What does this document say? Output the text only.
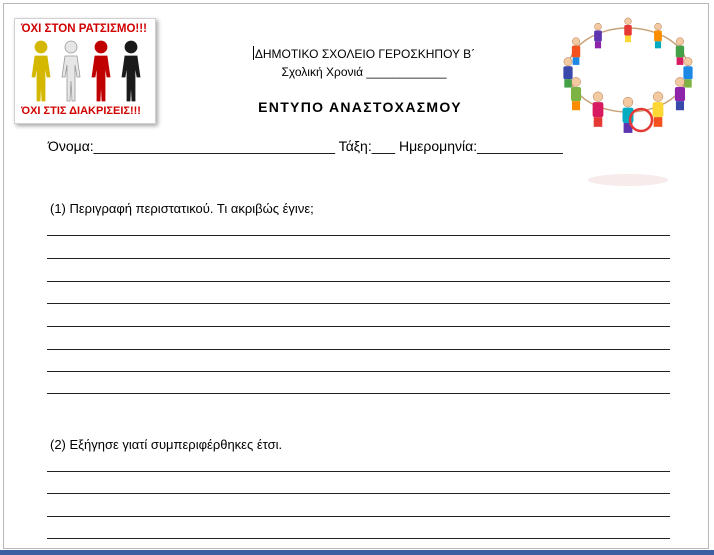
ΌΧΙ ΣΤΟΝ ΡΑΤΣΙΣΜΟ!!!
ΌΧΙ ΣΤΙΣ ΔΙΑΚΡΙΣΕΙΣ!!!
ΔΗΜΟΤΙΚΟ ΣΧΟΛΕΙΟ ΓΕΡΟΣΚΗΠΟΥ Β΄
Σχολική Χρονιά ____________
ΕΝΤΥΠΟ ΑΝΑΣΤΟΧΑΣΜΟΥ
Όνομα:_______________________________ Τάξη:___ Ημερομηνία:___________
(1) Περιγραφή περιστατικού. Τι ακριβώς έγινε;
(2) Εξήγησε γιατί συμπεριφέρθηκες έτσι.
